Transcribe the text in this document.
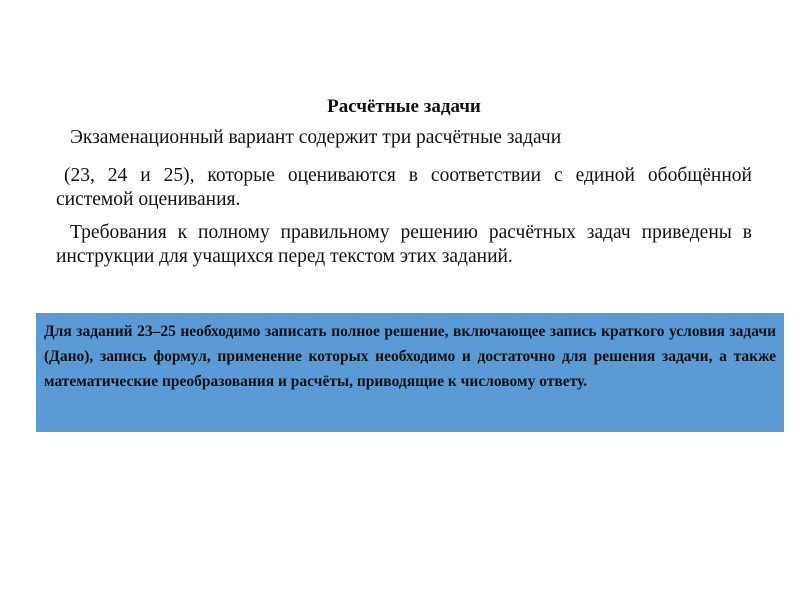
Расчётные задачи

Экзаменационный вариант содержит три расчётные задачи

(23, 24 и 25), которые оцениваются в соответствии с единой обобщённой системой оценивания.

Требования к полному правильному решению расчётных задач приведены в инструкции для учащихся перед текстом этих заданий.

Для заданий 23–25 необходимо записать полное решение, включающее запись краткого условия задачи (Дано), запись формул, применение которых необходимо и достаточно для решения задачи, а также математические преобразования и расчёты, приводящие к числовому ответу.
